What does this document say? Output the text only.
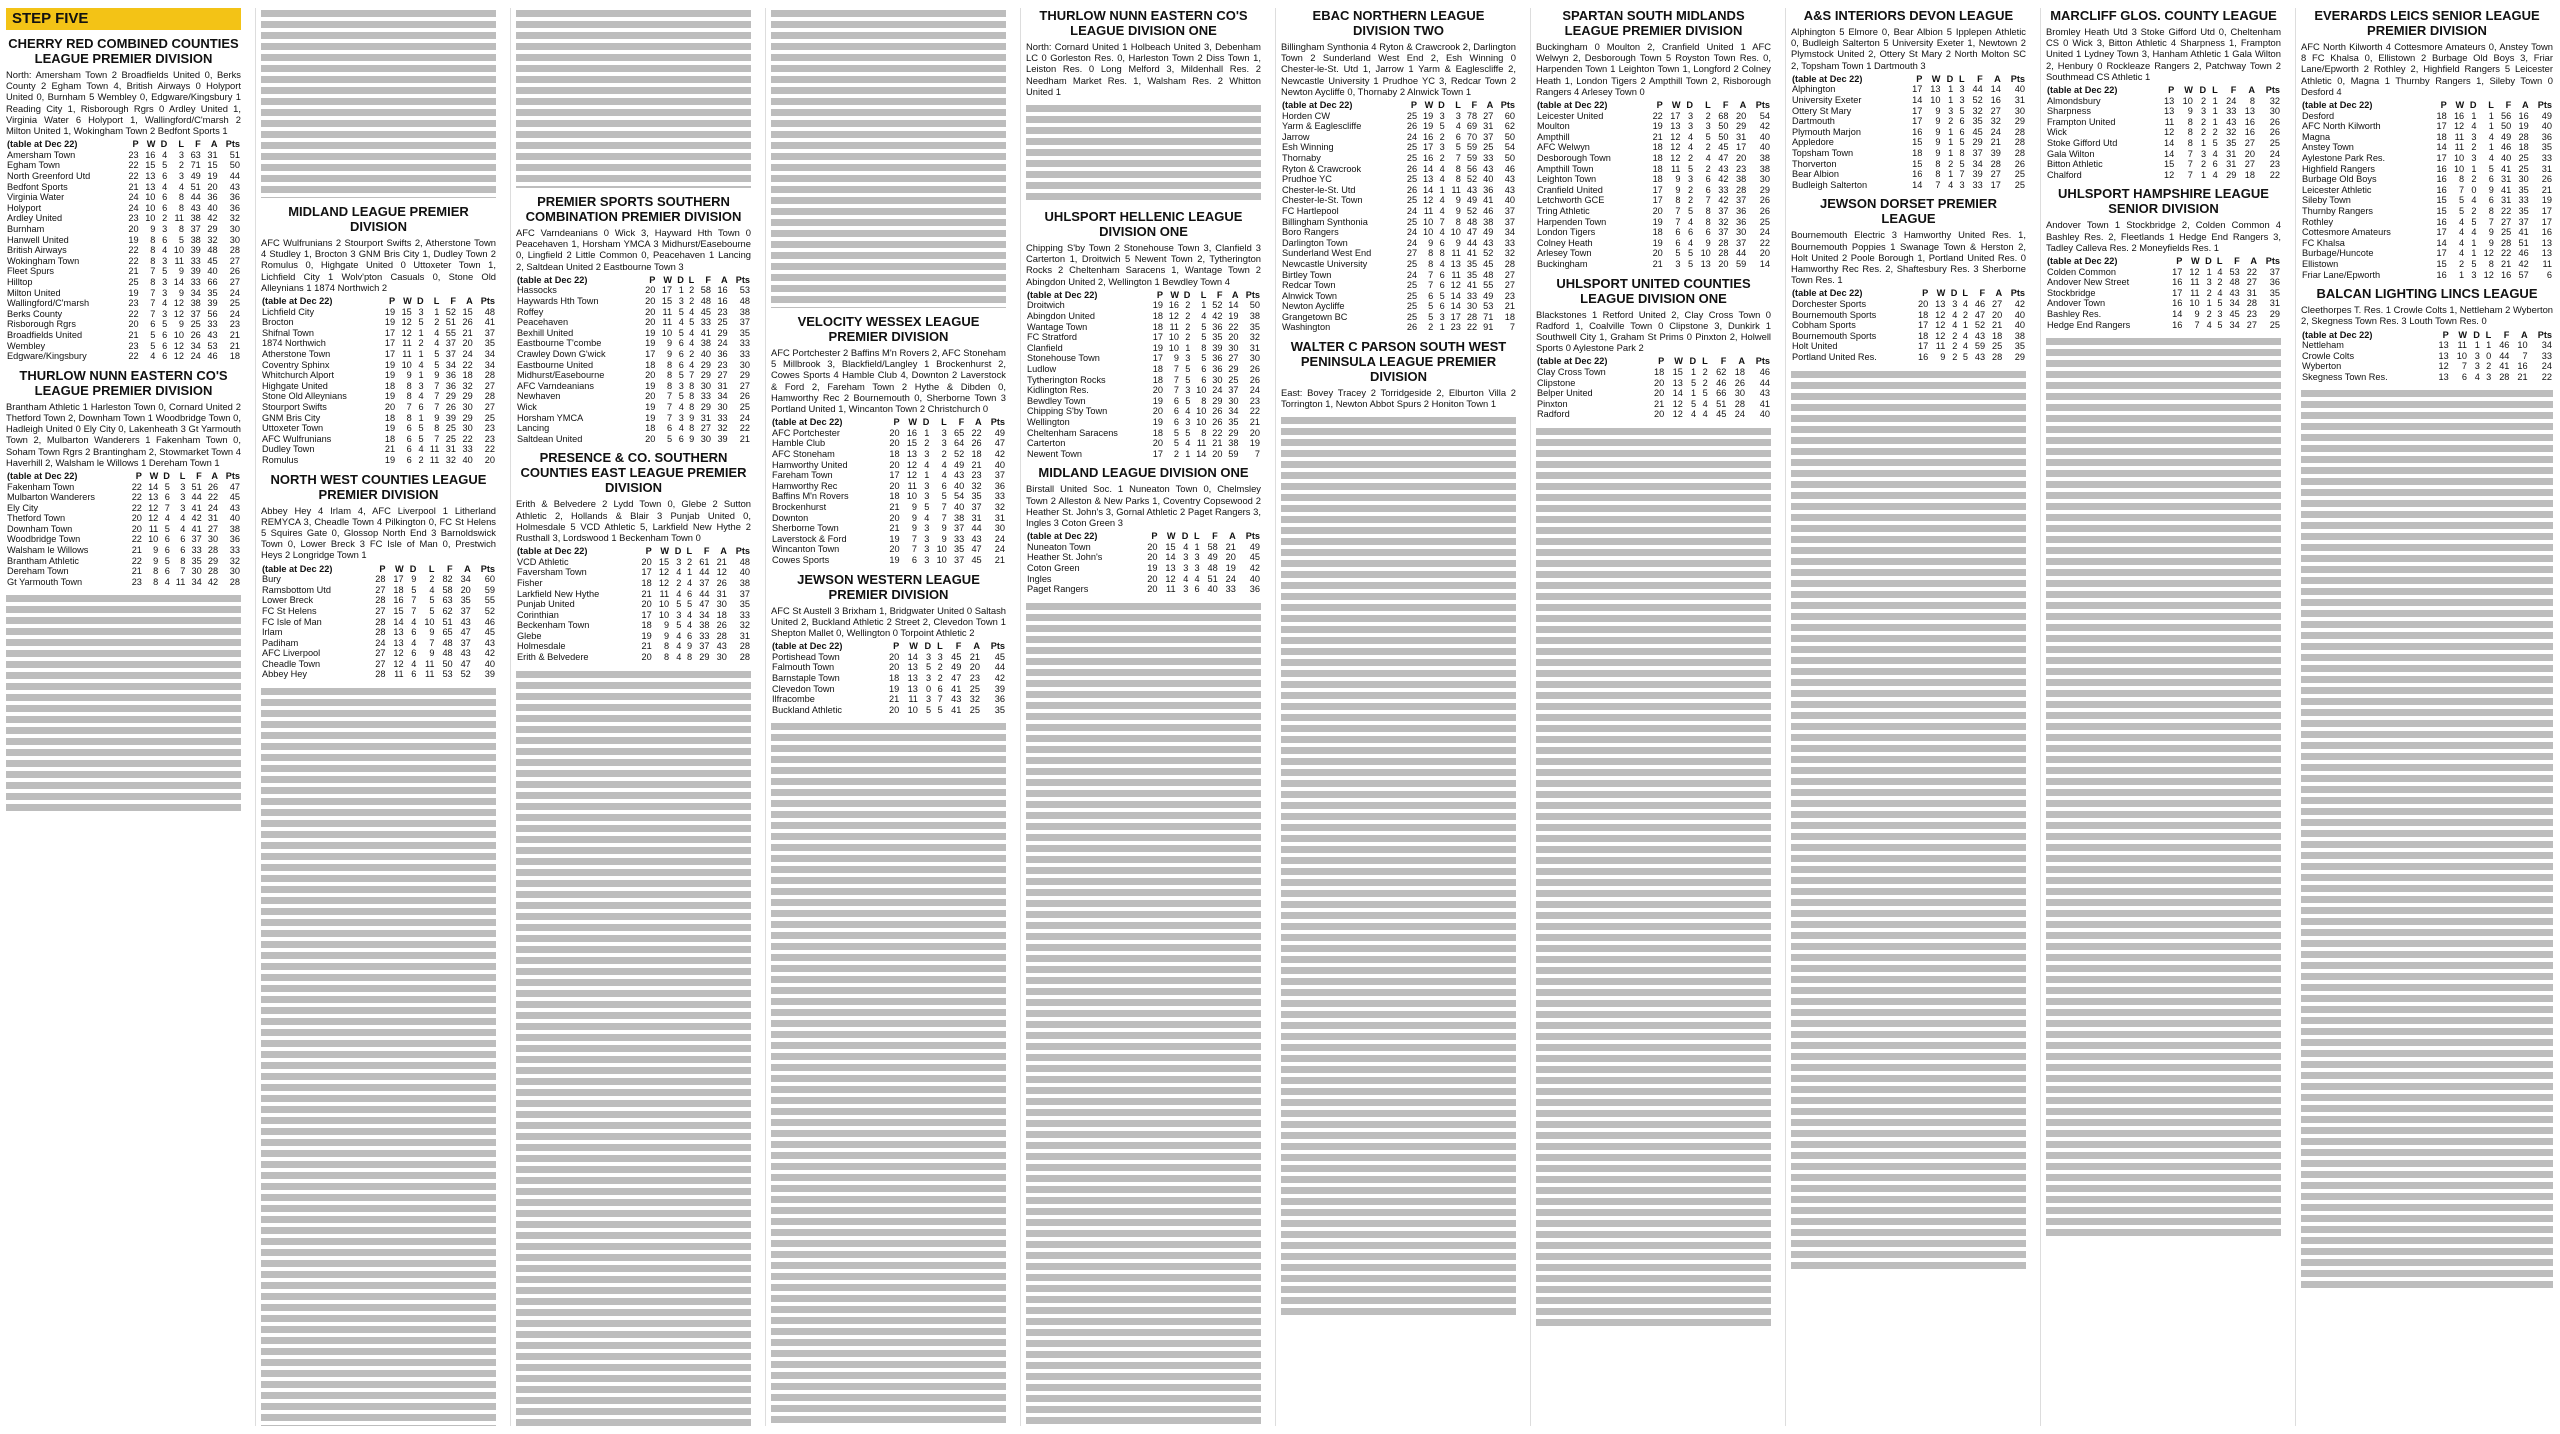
STEP FIVE
CHERRY RED COMBINED COUNTIES LEAGUE PREMIER DIVISION
North: Amersham Town 2 Broadfields United 0, Berks County 2 Egham Town 4, British Airways 0 Holyport United 0, Burnham 5 Wembley 0, Edgware/Kingsbury 1 Reading City 1, Risborough Rgrs 0 Ardley United 1, Virginia Water 6 Holyport 1, Wallingford/C'marsh 2 Milton United 1, Wokingham Town 2 Bedfont Sports 1
(table at Dec 22)	P	W	D	L	F	A	Pts
Amersham Town	23	16	4	3	63	31	51
Egham Town	22	15	5	2	71	15	50
North Greenford Utd	22	13	6	3	49	19	44
Bedfont Sports	21	13	4	4	51	20	43
Virginia Water	24	10	6	8	44	36	36
Holyport	24	10	6	8	43	40	36
Ardley United	23	10	2	11	38	42	32
Burnham	20	9	3	8	37	29	30
Hanwell United	19	8	6	5	38	32	30
British Airways	22	8	4	10	39	48	28
Wokingham Town	22	8	3	11	33	45	27
Fleet Spurs	21	7	5	9	39	40	26
Hilltop	25	8	3	14	33	66	27
Milton United	19	7	3	9	34	35	24
Wallingford/C'marsh	23	7	4	12	38	39	25
Berks County	22	7	3	12	37	56	24
Risborough Rgrs	20	6	5	9	25	33	23
Broadfields United	21	5	6	10	26	43	21
Wembley	23	5	6	12	34	53	21
Edgware/Kingsbury	22	4	6	12	24	46	18
THURLOW NUNN EASTERN CO'S LEAGUE PREMIER DIVISION
Brantham Athletic 1 Harleston Town 0, Cornard United 2 Thetford Town 2, Downham Town 1 Woodbridge Town 0, Hadleigh United 0 Ely City 0, Lakenheath 3 Gt Yarmouth Town 2, Mulbarton Wanderers 1 Fakenham Town 0, Soham Town Rgrs 2 Brantingham 2, Stowmarket Town 4 Haverhill 2, Walsham le Willows 1 Dereham Town 1
(table at Dec 22)	P	W	D	L	F	A	Pts
Fakenham Town	22	14	5	3	51	26	47
Mulbarton Wanderers	22	13	6	3	44	22	45
Ely City	22	12	7	3	41	24	43
Thetford Town	20	12	4	4	42	31	40
Downham Town	20	11	5	4	41	27	38
Woodbridge Town	22	10	6	6	37	30	36
Walsham le Willows	21	9	6	6	33	28	33
Brantham Athletic	22	9	5	8	35	29	32
Dereham Town	21	8	6	7	30	28	30
Gt Yarmouth Town	23	8	4	11	34	42	28
MIDLAND LEAGUE PREMIER DIVISION
AFC Wulfrunians 2 Stourport Swifts 2, Atherstone Town 4 Studley 1, Brocton 3 GNM Bris City 1, Dudley Town 2 Romulus 0, Highgate United 0 Uttoxeter Town 1, Lichfield City 1 Wolv'pton Casuals 0, Stone Old Alleynians 1 1874 Northwich 2
(table at Dec 22)	P	W	D	L	F	A	Pts
Lichfield City	19	15	3	1	52	15	48
Brocton	19	12	5	2	51	26	41
Shifnal Town	17	12	1	4	55	21	37
1874 Northwich	17	11	2	4	37	20	35
Atherstone Town	17	11	1	5	37	24	34
Coventry Sphinx	19	10	4	5	34	22	34
Whitchurch Alport	19	9	1	9	36	18	28
Highgate United	18	8	3	7	36	32	27
Stone Old Alleynians	19	8	4	7	29	29	28
Stourport Swifts	20	7	6	7	26	30	27
GNM Bris City	18	8	1	9	39	29	25
Uttoxeter Town	19	6	5	8	25	30	23
AFC Wulfrunians	18	6	5	7	25	22	23
Dudley Town	21	6	4	11	31	33	22
Romulus	19	6	2	11	32	40	20
NORTH WEST COUNTIES LEAGUE PREMIER DIVISION
Abbey Hey 4 Irlam 4, AFC Liverpool 1 Litherland REMYCA 3, Cheadle Town 4 Pilkington 0, FC St Helens 5 Squires Gate 0, Glossop North End 3 Barnoldswick Town 0, Lower Breck 3 FC Isle of Man 0, Prestwich Heys 2 Longridge Town 1
(table at Dec 22)	P	W	D	L	F	A	Pts
Bury	28	17	9	2	82	34	60
Ramsbottom Utd	27	18	5	4	58	20	59
Lower Breck	28	16	7	5	63	35	55
FC St Helens	27	15	7	5	62	37	52
FC Isle of Man	28	14	4	10	51	43	46
Irlam	28	13	6	9	65	47	45
Padiham	24	13	4	7	48	37	43
AFC Liverpool	27	12	6	9	48	43	42
Cheadle Town	27	12	4	11	50	47	40
Abbey Hey	28	11	6	11	53	52	39
PREMIER SPORTS SOUTHERN COMBINATION PREMIER DIVISION
AFC Varndeanians 0 Wick 3, Hayward Hth Town 0 Peacehaven 1, Horsham YMCA 3 Midhurst/Easebourne 0, Lingfield 2 Little Common 0, Peacehaven 1 Lancing 2, Saltdean United 2 Eastbourne Town 3
(table at Dec 22)	P	W	D	L	F	A	Pts
Hassocks	20	17	1	2	58	16	53
Haywards Hth Town	20	15	3	2	48	16	48
Roffey	20	11	5	4	45	23	38
Peacehaven	20	11	4	5	33	25	37
Bexhill United	19	10	5	4	41	29	35
Eastbourne T'combe	19	9	6	4	38	24	33
Crawley Down G'wick	17	9	6	2	40	36	33
Eastbourne United	18	8	6	4	29	23	30
Midhurst/Easebourne	20	8	5	7	29	27	29
AFC Varndeanians	19	8	3	8	30	31	27
Newhaven	20	7	5	8	33	34	26
Wick	19	7	4	8	29	30	25
Horsham YMCA	19	7	3	9	31	33	24
Lancing	18	6	4	8	27	32	22
Saltdean United	20	5	6	9	30	39	21
PRESENCE & CO. SOUTHERN COUNTIES EAST LEAGUE PREMIER DIVISION
Erith & Belvedere 2 Lydd Town 0, Glebe 2 Sutton Athletic 2, Hollands & Blair 3 Punjab United 0, Holmesdale 5 VCD Athletic 5, Larkfield New Hythe 2 Rusthall 3, Lordswood 1 Beckenham Town 0
(table at Dec 22)	P	W	D	L	F	A	Pts
VCD Athletic	20	15	3	2	61	21	48
Faversham Town	17	12	4	1	44	12	40
Fisher	18	12	2	4	37	26	38
Larkfield New Hythe	21	11	4	6	44	31	37
Punjab United	20	10	5	5	47	30	35
Corinthian	17	10	3	4	34	18	33
Beckenham Town	18	9	5	4	38	26	32
Glebe	19	9	4	6	33	28	31
Holmesdale	21	8	4	9	37	43	28
Erith & Belvedere	20	8	4	8	29	30	28
VELOCITY WESSEX LEAGUE PREMIER DIVISION
AFC Portchester 2 Baffins M'n Rovers 2, AFC Stoneham 5 Millbrook 3, Blackfield/Langley 1 Brockenhurst 2, Cowes Sports 4 Hamble Club 4, Downton 2 Laverstock & Ford 2, Fareham Town 2 Hythe & Dibden 0, Hamworthy Rec 2 Bournemouth 0, Sherborne Town 3 Portland United 1, Wincanton Town 2 Christchurch 0
(table at Dec 22)	P	W	D	L	F	A	Pts
AFC Portchester	20	16	1	3	65	22	49
Hamble Club	20	15	2	3	64	26	47
AFC Stoneham	18	13	3	2	52	18	42
Hamworthy United	20	12	4	4	49	21	40
Fareham Town	17	12	1	4	43	23	37
Hamworthy Rec	20	11	3	6	40	32	36
Baffins M'n Rovers	18	10	3	5	54	35	33
Brockenhurst	21	9	5	7	40	37	32
Downton	20	9	4	7	38	31	31
Sherborne Town	21	9	3	9	37	44	30
Laverstock & Ford	19	7	3	9	33	43	24
Wincanton Town	20	7	3	10	35	47	24
Cowes Sports	19	6	3	10	37	45	21
JEWSON WESTERN LEAGUE PREMIER DIVISION
AFC St Austell 3 Brixham 1, Bridgwater United 0 Saltash United 2, Buckland Athletic 2 Street 2, Clevedon Town 1 Shepton Mallet 0, Wellington 0 Torpoint Athletic 2
(table at Dec 22)	P	W	D	L	F	A	Pts
Portishead Town	20	14	3	3	45	21	45
Falmouth Town	20	13	5	2	49	20	44
Barnstaple Town	18	13	3	2	47	23	42
Clevedon Town	19	13	0	6	41	25	39
Ilfracombe	21	11	3	7	43	32	36
Buckland Athletic	20	10	5	5	41	25	35
THURLOW NUNN EASTERN CO'S LEAGUE DIVISION ONE
North: Cornard United 1 Holbeach United 3, Debenham LC 0 Gorleston Res. 0, Harleston Town 2 Diss Town 1, Leiston Res. 0 Long Melford 3, Mildenhall Res. 2 Needham Market Res. 1, Walsham Res. 2 Whitton United 1
UHLSPORT HELLENIC LEAGUE DIVISION ONE
Chipping S'by Town 2 Stonehouse Town 3, Clanfield 3 Carterton 1, Droitwich 5 Newent Town 2, Tytherington Rocks 2 Cheltenham Saracens 1, Wantage Town 2 Abingdon United 2, Wellington 1 Bewdley Town 4
(table at Dec 22)	P	W	D	L	F	A	Pts
Droitwich	19	16	2	1	52	14	50
Abingdon United	18	12	2	4	42	19	38
Wantage Town	18	11	2	5	36	22	35
FC Stratford	17	10	2	5	35	20	32
Clanfield	19	10	1	8	39	30	31
Stonehouse Town	17	9	3	5	36	27	30
Ludlow	18	7	5	6	36	29	26
Tytherington Rocks	18	7	5	6	30	25	26
Kidlington Res.	20	7	3	10	24	37	24
Bewdley Town	19	6	5	8	29	30	23
Chipping S'by Town	20	6	4	10	26	34	22
Wellington	19	6	3	10	26	35	21
Cheltenham Saracens	18	5	5	8	22	29	20
Carterton	20	5	4	11	21	38	19
Newent Town	17	2	1	14	20	59	7
MIDLAND LEAGUE DIVISION ONE
Birstall United Soc. 1 Nuneaton Town 0, Chelmsley Town 2 Alleston & New Parks 1, Coventry Copsewood 2 Heather St. John's 3, Gornal Athletic 2 Paget Rangers 3, Ingles 3 Coton Green 3
(table at Dec 22)	P	W	D	L	F	A	Pts
Nuneaton Town	20	15	4	1	58	21	49
Heather St. John's	20	14	3	3	49	20	45
Coton Green	19	13	3	3	48	19	42
Ingles	20	12	4	4	51	24	40
Paget Rangers	20	11	3	6	40	33	36
EBAC NORTHERN LEAGUE DIVISION TWO
Billingham Synthonia 4 Ryton & Crawcrook 2, Darlington Town 2 Sunderland West End 2, Esh Winning 0 Chester-le-St. Utd 1, Jarrow 1 Yarm & Eaglescliffe 2, Newcastle University 1 Prudhoe YC 3, Redcar Town 2 Newton Aycliffe 0, Thornaby 2 Alnwick Town 1
(table at Dec 22)	P	W	D	L	F	A	Pts
Horden CW	25	19	3	3	78	27	60
Yarm & Eaglescliffe	26	19	5	4	69	31	62
Jarrow	24	16	2	6	70	37	50
Esh Winning	25	17	3	5	59	25	54
Thornaby	25	16	2	7	59	33	50
Ryton & Crawcrook	26	14	4	8	56	43	46
Prudhoe YC	25	13	4	8	52	40	43
Chester-le-St. Utd	26	14	1	11	43	36	43
Chester-le-St. Town	25	12	4	9	49	41	40
FC Hartlepool	24	11	4	9	52	46	37
Billingham Synthonia	25	10	7	8	48	38	37
Boro Rangers	24	10	4	10	47	49	34
Darlington Town	24	9	6	9	44	43	33
Sunderland West End	27	8	8	11	41	52	32
Newcastle University	25	8	4	13	35	45	28
Birtley Town	24	7	6	11	35	48	27
Redcar Town	25	7	6	12	41	55	27
Alnwick Town	25	6	5	14	33	49	23
Newton Aycliffe	25	5	6	14	30	53	21
Grangetown BC	25	5	3	17	28	71	18
Washington	26	2	1	23	22	91	7
WALTER C PARSON SOUTH WEST PENINSULA LEAGUE PREMIER DIVISION
East: Bovey Tracey 2 Torridgeside 2, Elburton Villa 2 Torrington 1, Newton Abbot Spurs 2 Honiton Town 1
SPARTAN SOUTH MIDLANDS LEAGUE PREMIER DIVISION
Buckingham 0 Moulton 2, Cranfield United 1 AFC Welwyn 2, Desborough Town 5 Royston Town Res. 0, Harpenden Town 1 Leighton Town 1, Longford 2 Colney Heath 1, London Tigers 2 Ampthill Town 2, Risborough Rangers 4 Arlesey Town 0
(table at Dec 22)	P	W	D	L	F	A	Pts
Leicester United	22	17	3	2	68	20	54
Moulton	19	13	3	3	50	29	42
Ampthill	21	12	4	5	50	31	40
AFC Welwyn	18	12	4	2	45	17	40
Desborough Town	18	12	2	4	47	20	38
Ampthill Town	18	11	5	2	43	23	38
Leighton Town	18	9	3	6	42	38	30
Cranfield United	17	9	2	6	33	28	29
Letchworth GCE	17	8	2	7	42	37	26
Tring Athletic	20	7	5	8	37	36	26
Harpenden Town	19	7	4	8	32	36	25
London Tigers	18	6	6	6	37	30	24
Colney Heath	19	6	4	9	28	37	22
Arlesey Town	20	5	5	10	28	44	20
Buckingham	21	3	5	13	20	59	14
UHLSPORT UNITED COUNTIES LEAGUE DIVISION ONE
Blackstones 1 Retford United 2, Clay Cross Town 0 Radford 1, Coalville Town 0 Clipstone 3, Dunkirk 1 Southwell City 1, Graham St Prims 0 Pinxton 2, Holwell Sports 0 Aylestone Park 2
(table at Dec 22)	P	W	D	L	F	A	Pts
Clay Cross Town	18	15	1	2	62	18	46
Clipstone	20	13	5	2	46	26	44
Belper United	20	14	1	5	66	30	43
Pinxton	21	12	5	4	51	28	41
Radford	20	12	4	4	45	24	40
A&S INTERIORS DEVON LEAGUE
Alphington 5 Elmore 0, Bear Albion 5 Ipplepen Athletic 0, Budleigh Salterton 5 University Exeter 1, Newtown 2 Plymstock United 2, Ottery St Mary 2 North Molton SC 2, Topsham Town 1 Dartmouth 3
(table at Dec 22)	P	W	D	L	F	A	Pts
Alphington	17	13	1	3	44	14	40
University Exeter	14	10	1	3	52	16	31
Ottery St Mary	17	9	3	5	32	27	30
Dartmouth	17	9	2	6	35	32	29
Plymouth Marjon	16	9	1	6	45	24	28
Appledore	15	9	1	5	29	21	28
Topsham Town	18	9	1	8	37	39	28
Thorverton	15	8	2	5	34	28	26
Bear Albion	16	8	1	7	39	27	25
Budleigh Salterton	14	7	4	3	33	17	25
JEWSON DORSET PREMIER LEAGUE
Bournemouth Electric 3 Hamworthy United Res. 1, Bournemouth Poppies 1 Swanage Town & Herston 2, Holt United 2 Poole Borough 1, Portland United Res. 0 Hamworthy Rec Res. 2, Shaftesbury Res. 3 Sherborne Town Res. 1
(table at Dec 22)	P	W	D	L	F	A	Pts
Dorchester Sports	20	13	3	4	46	27	42
Bournemouth Sports	18	12	4	2	47	20	40
Cobham Sports	17	12	4	1	52	21	40
Bournemouth Sports	18	12	2	4	43	18	38
Holt United	17	11	2	4	59	25	35
Portland United Res.	16	9	2	5	43	28	29
MARCLIFF GLOS. COUNTY LEAGUE
Bromley Heath Utd 3 Stoke Gifford Utd 0, Cheltenham CS 0 Wick 3, Bitton Athletic 4 Sharpness 1, Frampton United 1 Lydney Town 3, Hanham Athletic 1 Gala Wilton 2, Henbury 0 Rockleaze Rangers 2, Patchway Town 2 Southmead CS Athletic 1
(table at Dec 22)	P	W	D	L	F	A	Pts
Almondsbury	13	10	2	1	24	8	32
Sharpness	13	9	3	1	33	13	30
Frampton United	11	8	2	1	43	16	26
Wick	12	8	2	2	32	16	26
Stoke Gifford Utd	14	8	1	5	35	27	25
Gala Wilton	14	7	3	4	31	20	24
Bitton Athletic	15	7	2	6	31	27	23
Chalford	12	7	1	4	29	18	22
UHLSPORT HAMPSHIRE LEAGUE SENIOR DIVISION
Andover Town 1 Stockbridge 2, Colden Common 4 Bashley Res. 2, Fleetlands 1 Hedge End Rangers 3, Tadley Calleva Res. 2 Moneyfields Res. 1
(table at Dec 22)	P	W	D	L	F	A	Pts
Colden Common	17	12	1	4	53	22	37
Andover New Street	16	11	3	2	48	27	36
Stockbridge	17	11	2	4	43	31	35
Andover Town	16	10	1	5	34	28	31
Bashley Res.	14	9	2	3	45	23	29
Hedge End Rangers	16	7	4	5	34	27	25
EVERARDS LEICS SENIOR LEAGUE PREMIER DIVISION
AFC North Kilworth 4 Cottesmore Amateurs 0, Anstey Town 8 FC Khalsa 0, Ellistown 2 Burbage Old Boys 3, Friar Lane/Epworth 2 Rothley 2, Highfield Rangers 5 Leicester Athletic 0, Magna 1 Thurnby Rangers 1, Sileby Town 0 Desford 4
(table at Dec 22)	P	W	D	L	F	A	Pts
Desford	18	16	1	1	56	16	49
AFC North Kilworth	17	12	4	1	50	19	40
Magna	18	11	3	4	49	28	36
Anstey Town	14	11	2	1	46	18	35
Aylestone Park Res.	17	10	3	4	40	25	33
Highfield Rangers	16	10	1	5	41	25	31
Burbage Old Boys	16	8	2	6	31	30	26
Leicester Athletic	16	7	0	9	41	35	21
Sileby Town	15	5	4	6	31	33	19
Thurnby Rangers	15	5	2	8	22	35	17
Rothley	16	4	5	7	27	37	17
Cottesmore Amateurs	17	4	4	9	25	41	16
FC Khalsa	14	4	1	9	28	51	13
Burbage/Huncote	17	4	1	12	22	46	13
Ellistown	15	2	5	8	21	42	11
Friar Lane/Epworth	16	1	3	12	16	57	6
BALCAN LIGHTING LINCS LEAGUE
Cleethorpes T. Res. 1 Crowle Colts 1, Nettleham 2 Wyberton 2, Skegness Town Res. 3 Louth Town Res. 0
(table at Dec 22)	P	W	D	L	F	A	Pts
Nettleham	13	11	1	1	46	10	34
Crowle Colts	13	10	3	0	44	7	33
Wyberton	12	7	3	2	41	16	24
Skegness Town Res.	13	6	4	3	28	21	22
